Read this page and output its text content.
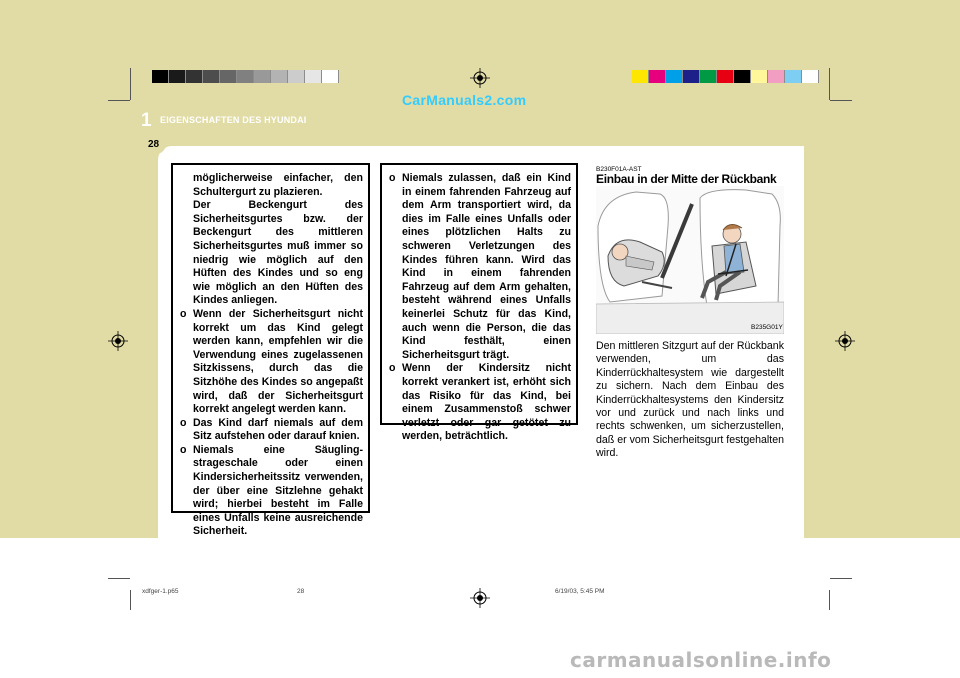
CarManuals2.com
1 EIGENSCHAFTEN DES HYUNDAI
28

möglicherweise einfacher, den Schultergurt zu plazieren.

Der Beckengurt des Sicherheitsgurtes bzw. der Beckengurt des mittleren Sicherheitsgurtes muß immer so niedrig wie möglich auf den Hüften des Kindes und so eng wie möglich an den Hüften des Kindes anliegen.

o Wenn der Sicherheitsgurt nicht korrekt um das Kind gelegt werden kann, empfehlen wir die Verwendung eines zugelassenen Sitzkissens, durch das die Sitzhöhe des Kindes so angepaßt wird, daß der Sicherheitsgurt korrekt angelegt werden kann.

o Das Kind darf niemals auf dem Sitz aufstehen oder darauf knien.

o Niemals eine Säugling-strageschale oder einen Kindersicherheitssitz verwenden, der über eine Sitzlehne gehakt wird; hierbei besteht im Falle eines Unfalls keine ausreichende Sicherheit.

o Niemals zulassen, daß ein Kind in einem fahrenden Fahrzeug auf dem Arm transportiert wird, da dies im Falle eines Unfalls oder eines plötzlichen Halts zu schweren Verletzungen des Kindes führen kann. Wird das Kind in einem fahrenden Fahrzeug auf dem Arm gehalten, besteht während eines Unfalls keinerlei Schutz für das Kind, auch wenn die Person, die das Kind festhält, einen Sicherheitsgurt trägt.

o Wenn der Kindersitz nicht korrekt verankert ist, erhöht sich das Risiko für das Kind, bei einem Zusammenstoß schwer verletzt oder gar getötet zu werden, beträchtlich.

B230F01A-AST
Einbau in der Mitte der Rückbank
B235G01Y
Den mittleren Sitzgurt auf der Rückbank verwenden, um das Kinderrückhaltesystem wie dargestellt zu sichern. Nach dem Einbau des Kinderrückhaltesystems den Kindersitz vor und zurück und nach links und rechts schwenken, um sicherzustellen, daß er vom Sicherheitsgurt festgehalten wird.
xdfger-1.p65	28	6/19/03, 5:45 PM
carmanualsonline.info
